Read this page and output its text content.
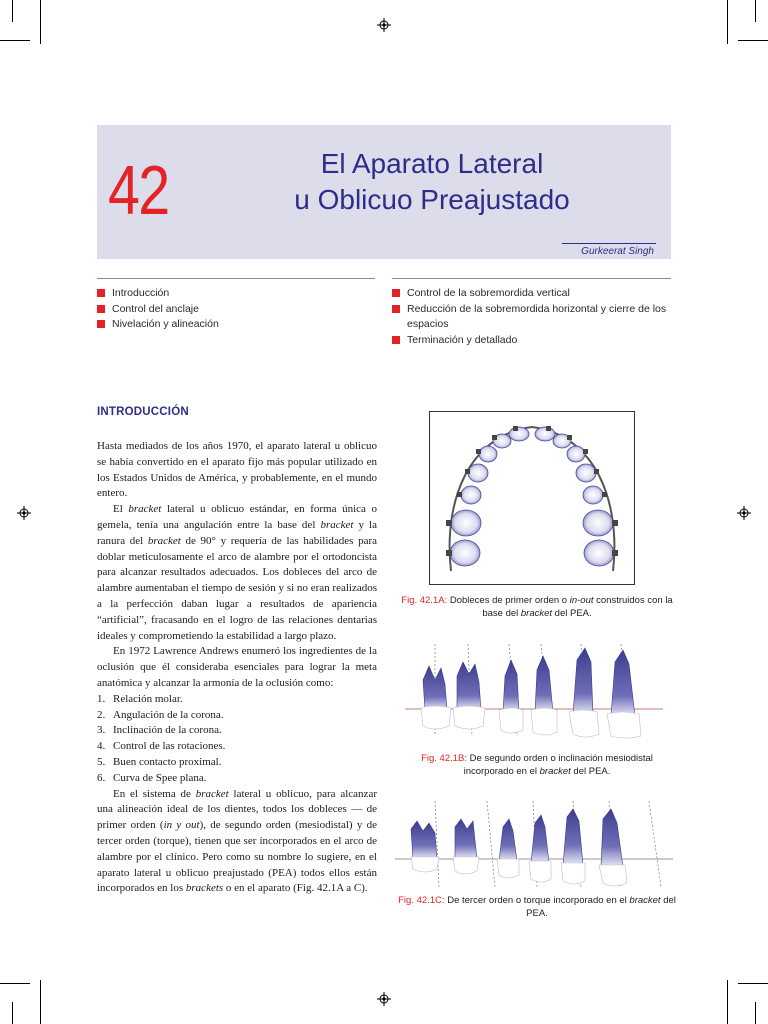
42	El Aparato Lateral
u Oblicuo Preajustado
Gurkeerat Singh
Introducción
Control del anclaje
Nivelación y alineación
Control de la sobremordida vertical
Reducción de la sobremordida horizontal y cierre de los espacios
Terminación y detallado
INTRODUCCIÓN

Hasta mediados de los años 1970, el aparato lateral u oblicuo se había convertido en el aparato fijo más popular utilizado en los Estados Unidos de América, y probablemente, en el mundo entero.

El bracket lateral u oblicuo estándar, en forma única o gemela, tenía una angulación entre la base del bracket y la ranura del bracket de 90° y requería de las habilidades para doblar meticulosamente el arco de alambre por el ortodoncista para alcanzar resultados adecuados. Los dobleces del arco de alambre aumentaban el tiempo de sesión y si no eran realizados a la perfección daban lugar a resultados de apariencia “artificial”, fracasando en el logro de las relaciones dentarias ideales y comprometiendo la estabilidad a largo plazo.

En 1972 Lawrence Andrews enumeró los ingredientes de la oclusión que él consideraba esenciales para lograr la meta anatómica y alcanzar la armonía de la oclusión como:

1. Relación molar.
2. Angulación de la corona.
3. Inclinación de la corona.
4. Control de las rotaciones.
5. Buen contacto proximal.
6. Curva de Spee plana.

En el sistema de bracket lateral u oblicuo, para alcanzar una alineación ideal de los dientes, todos los dobleces — de primer orden (in y out), de segundo orden (mesiodistal) y de tercer orden (torque), tienen que ser incorporados en el arco de alambre por el clínico. Pero como su nombre lo sugiere, en el aparato lateral u oblicuo preajustado (PEA) todos ellos están incorporados en los brackets o en el aparato (Fig. 42.1A a C).

Fig. 42.1A: Dobleces de primer orden o in-out construidos con la base del bracket del PEA.
Fig. 42.1B: De segundo orden o inclinación mesiodistal incorporado en el bracket del PEA.
Fig. 42.1C: De tercer orden o torque incorporado en el bracket del PEA.
